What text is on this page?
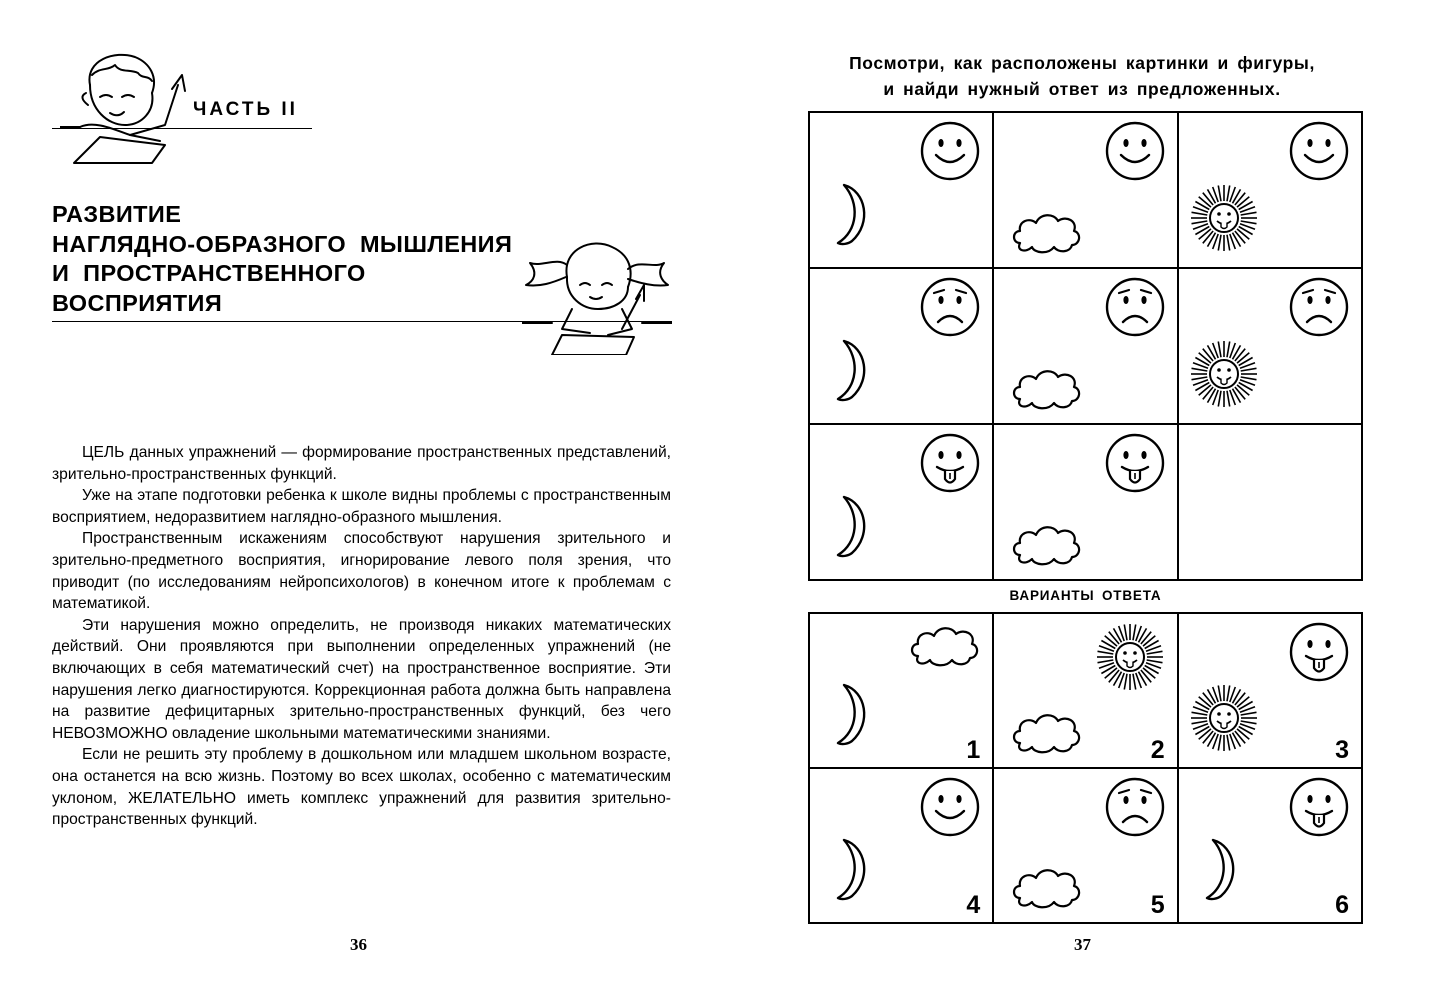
ЧАСТЬ II
РАЗВИТИЕ
НАГЛЯДНО-ОБРАЗНОГО  МЫШЛЕНИЯ
И  ПРОСТРАНСТВЕННОГО
ВОСПРИЯТИЯ

ЦЕЛЬ данных упражнений — формирование пространственных представлений, зрительно-пространственных функций.

Уже на этапе подготовки ребенка к школе видны проблемы с пространственным восприятием, недоразвитием наглядно-образного мышления.

Пространственным искажениям способствуют нарушения зрительного и зрительно-предметного восприятия, игнорирование левого поля зрения, что приводит (по исследованиям нейропсихологов) в конечном итоге к проблемам с математикой.

Эти нарушения можно определить, не производя никаких математических действий. Они проявляются при выполнении определенных упражнений (не включающих в себя математический счет) на пространственное восприятие. Эти нарушения легко диагностируются. Коррекционная работа должна быть направлена на развитие дефицитарных зрительно-пространственных функций, без чего НЕВОЗМОЖНО овладение школьными математическими знаниями.

Если не решить эту проблему в дошкольном или младшем школьном возрасте, она останется на всю жизнь. Поэтому во всех школах, особенно с математическим уклоном, ЖЕЛАТЕЛЬНО иметь комплекс упражнений для развития зрительно-пространственных функций.

36
Посмотри, как расположены картинки и фигуры,
и найди нужный ответ из предложенных.
ВАРИАНТЫ ОТВЕТА
1	2	3
4	5	6
37
